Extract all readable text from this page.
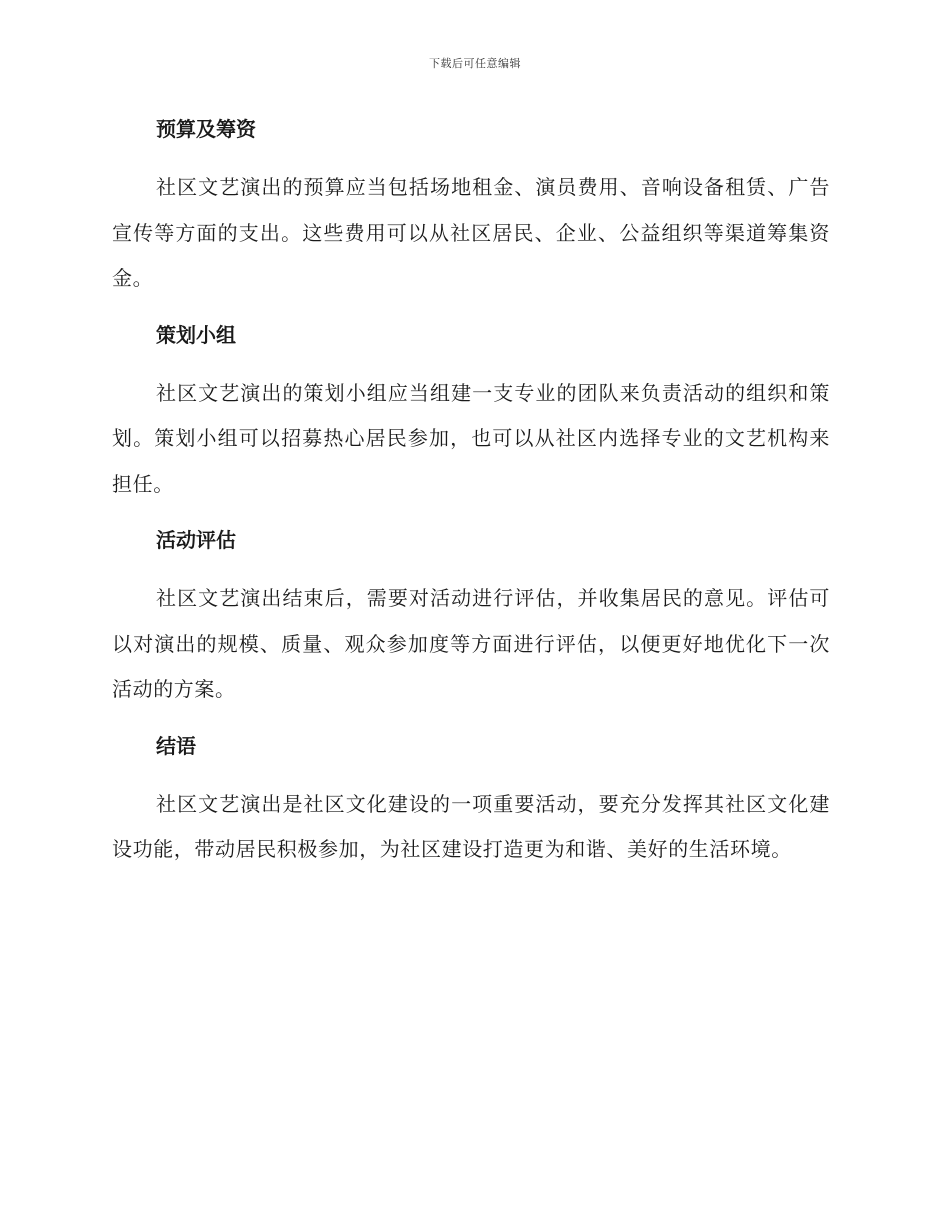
下载后可任意编辑
预算及筹资

社区文艺演出的预算应当包括场地租金、演员费用、音响设备租赁、广告宣传等方面的支出。这些费用可以从社区居民、企业、公益组织等渠道筹集资金。

策划小组

社区文艺演出的策划小组应当组建一支专业的团队来负责活动的组织和策划。策划小组可以招募热心居民参加，也可以从社区内选择专业的文艺机构来担任。

活动评估

社区文艺演出结束后，需要对活动进行评估，并收集居民的意见。评估可以对演出的规模、质量、观众参加度等方面进行评估，以便更好地优化下一次活动的方案。

结语

社区文艺演出是社区文化建设的一项重要活动，要充分发挥其社区文化建设功能，带动居民积极参加，为社区建设打造更为和谐、美好的生活环境。
